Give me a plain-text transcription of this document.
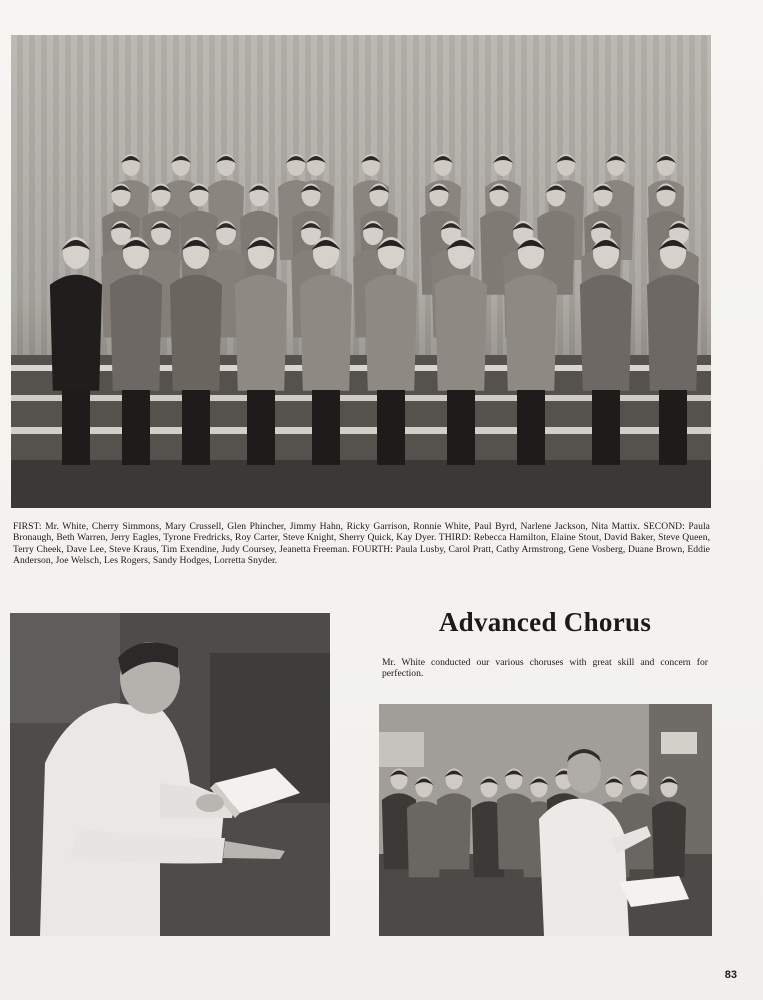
FIRST: Mr. White, Cherry Simmons, Mary Crussell, Glen Phincher, Jimmy Hahn, Ricky Garrison, Ronnie White, Paul Byrd, Narlene Jackson, Nita Mattix. SECOND: Paula Bronaugh, Beth Warren, Jerry Eagles, Tyrone Fredricks, Roy Carter, Steve Knight, Sherry Quick, Kay Dyer. THIRD: Rebecca Hamilton, Elaine Stout, David Baker, Steve Queen, Terry Cheek, Dave Lee, Steve Kraus, Tim Exendine, Judy Coursey, Jeanetta Freeman. FOURTH: Paula Lusby, Carol Pratt, Cathy Armstrong, Gene Vosberg, Duane Brown, Eddie Anderson, Joe Welsch, Les Rogers, Sandy Hodges, Lorretta Snyder.

Advanced Chorus

Mr. White conducted our various choruses with great skill and concern for perfection.

83
